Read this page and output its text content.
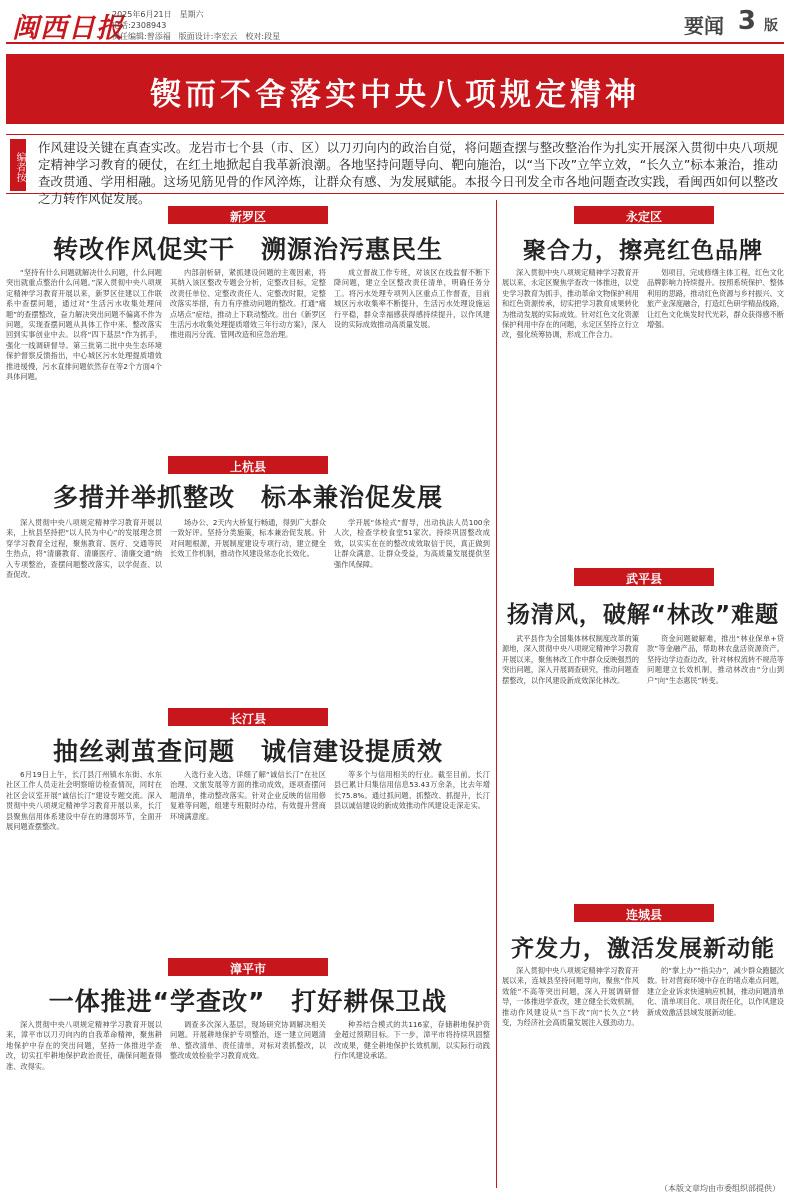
闽西日报
2025年6月21日　星期六
电话:2308943
责任编辑:曾添福　版面设计:李宏云　校对:段星	要闻 3 版
锲而不舍落实中央八项规定精神
编者按
作风建设关键在真查实改。龙岩市七个县（市、区）以刀刃向内的政治自觉，将问题查摆与整改整治作为扎实开展深入贯彻中央八项规定精神学习教育的硬仗，在红土地掀起自我革新浪潮。各地坚持问题导向、靶向施治，以“当下改”立竿立效，“长久立”标本兼治，推动查改贯通、学用相融。这场见筋见骨的作风淬炼，让群众有感、为发展赋能。本报今日刊发全市各地问题查改实践，看闽西如何以整改之力转作风促发展。
新罗区
转改作风促实干　溯源治污惠民生
“坚持有什么问题就解决什么问题，什么问题突出就重点整治什么问题。”深入贯彻中央八项规定精神学习教育开展以来，新罗区住建以工作联系中查摆问题，通过对“生活污水收集处理问题”的查摆整改，奋力解决突出问题不偏离不作为问题，实现查摆问题从具体工作中来、整改落实回到实事创业中去。以将“四下基层”作为抓手，强化一线调研督导。第三批第二批中央生态环境保护督察反馈指出，中心城区污水处理提质增效推进缓慢，污水直排问题依然存在等2个方面4个具体问题。
内部剖析研，紧抓建设问题的主观因素，将其纳入该区整改专题会分析，定整改目标，定整改责任单位、定整改责任人、定整改时限，定整改落实举措，有力有序推动问题的整改。打通“痛点堵点”症结，推动上下联动整改。出台《新罗区生活污水收集处理提质增效三年行动方案》，深入推进雨污分流、管网改造和应急治理。
成立督战工作专班，对该区在线监督不断下降问题，建立全区整改责任清单，明确任务分工。将污水处理专项列入区重点工作督查，目前城区污水收集率不断提升，生活污水处理设施运行平稳，群众幸福感获得感持续提升，以作风建设的实际成效推动高质量发展。
上杭县
多措并举抓整改　标本兼治促发展
深入贯彻中央八项规定精神学习教育开展以来，上杭县坚持把“以人民为中心”的发展理念贯穿学习教育全过程，聚焦教育、医疗、交通等民生热点，将“清廉教育、清廉医疗、清廉交通”纳入专项整治，查摆问题整改落实，以学促查、以查促改。
场办公、2天内大桥复行畅通，得到广大群众一致好评。坚持分类施策，标本兼治促发展。针对问题根源，开展制度建设专项行动，建立健全长效工作机制，推动作风建设常态化长效化。
学开展“体检式”督导，出动执法人员100余人次，检查学校食堂51家次。持续巩固整改成效，以实实在在的整改成效取信于民，真正做到让群众满意、让群众受益，为高质量发展提供坚强作风保障。
长汀县
抽丝剥茧查问题　诚信建设提质效
6月19日上午，长汀县汀州镇水东街、水东社区工作人员走社会明察暗访检查情况，同时在社区会议室开展“诚信长汀”建设专题交流。深入贯彻中央八项规定精神学习教育开展以来，长汀县聚焦信用体系建设中存在的薄弱环节，全面开展问题查摆整改。
入选行业入选，详细了解“诚信长汀”在社区治理、文旅发展等方面的推动成效，逐项查摆问题清单，推动整改落实。针对企业反映的信用修复难等问题，组建专班限时办结，有效提升营商环境满意度。
等多个与信用相关的行业。截至目前，长汀县已累计归集信用信息53.43万余条，比去年增长75.8%。通过抓问题、抓整改、抓提升，长汀县以诚信建设的新成效推动作风建设走深走实。
漳平市
一体推进“学查改”　打好耕保卫战
深入贯彻中央八项规定精神学习教育开展以来，漳平市以刀刃向内的自我革命精神，聚焦耕地保护中存在的突出问题，坚持一体推进学查改，切实扛牢耕地保护政治责任，确保问题查得准、改得实。
调查多次深入基层，现场研究协调解决相关问题。开展耕地保护专项整治，逐一建立问题清单、整改清单、责任清单，对标对表抓整改，以整改成效检验学习教育成效。
种养结合模式的共116家，存储耕地保护资金超过预期目标。下一步，漳平市将持续巩固整改成果，健全耕地保护长效机制，以实际行动践行作风建设承诺。
永定区
聚合力，擦亮红色品牌
深入贯彻中央八项规定精神学习教育开展以来，永定区聚焦学查改一体推进，以党史学习教育为抓手，推动革命文物保护利用和红色资源传承，切实把学习教育成果转化为推动发展的实际成效。针对红色文化资源保护利用中存在的问题，永定区坚持立行立改，强化统筹协调，形成工作合力。
划项目，完成修缮主体工程，红色文化品牌影响力持续提升。按照系统保护、整体利用的思路，推动红色资源与乡村振兴、文旅产业深度融合，打造红色研学精品线路，让红色文化焕发时代光彩，群众获得感不断增强。
武平县
扬清风，破解“林改”难题
武平县作为全国集体林权制度改革的策源地，深入贯彻中央八项规定精神学习教育开展以来，聚焦林改工作中群众反映强烈的突出问题，深入开展调查研究，推动问题查摆整改，以作风建设新成效深化林改。
资金问题破解难，推出“林业保单+贷款”等金融产品，帮助林农盘活资源资产。坚持边学边查边改，针对林权流转不规范等问题建立长效机制，推动林改由“分山到户”向“生态惠民”转变。
连城县
齐发力，激活发展新动能
深入贯彻中央八项规定精神学习教育开展以来，连城县坚持问题导向，聚焦“作风效能”不高等突出问题，深入开展调研督导，一体推进学查改，建立健全长效机制，推动作风建设从“当下改”向“长久立”转变，为经济社会高质量发展注入强劲动力。
的“掌上办”“指尖办”，减少群众跑腿次数。针对营商环境中存在的堵点难点问题，建立企业诉求快速响应机制，推动问题清单化、清单项目化、项目责任化，以作风建设新成效激活县域发展新动能。
（本版文章均由市委组织部提供）
